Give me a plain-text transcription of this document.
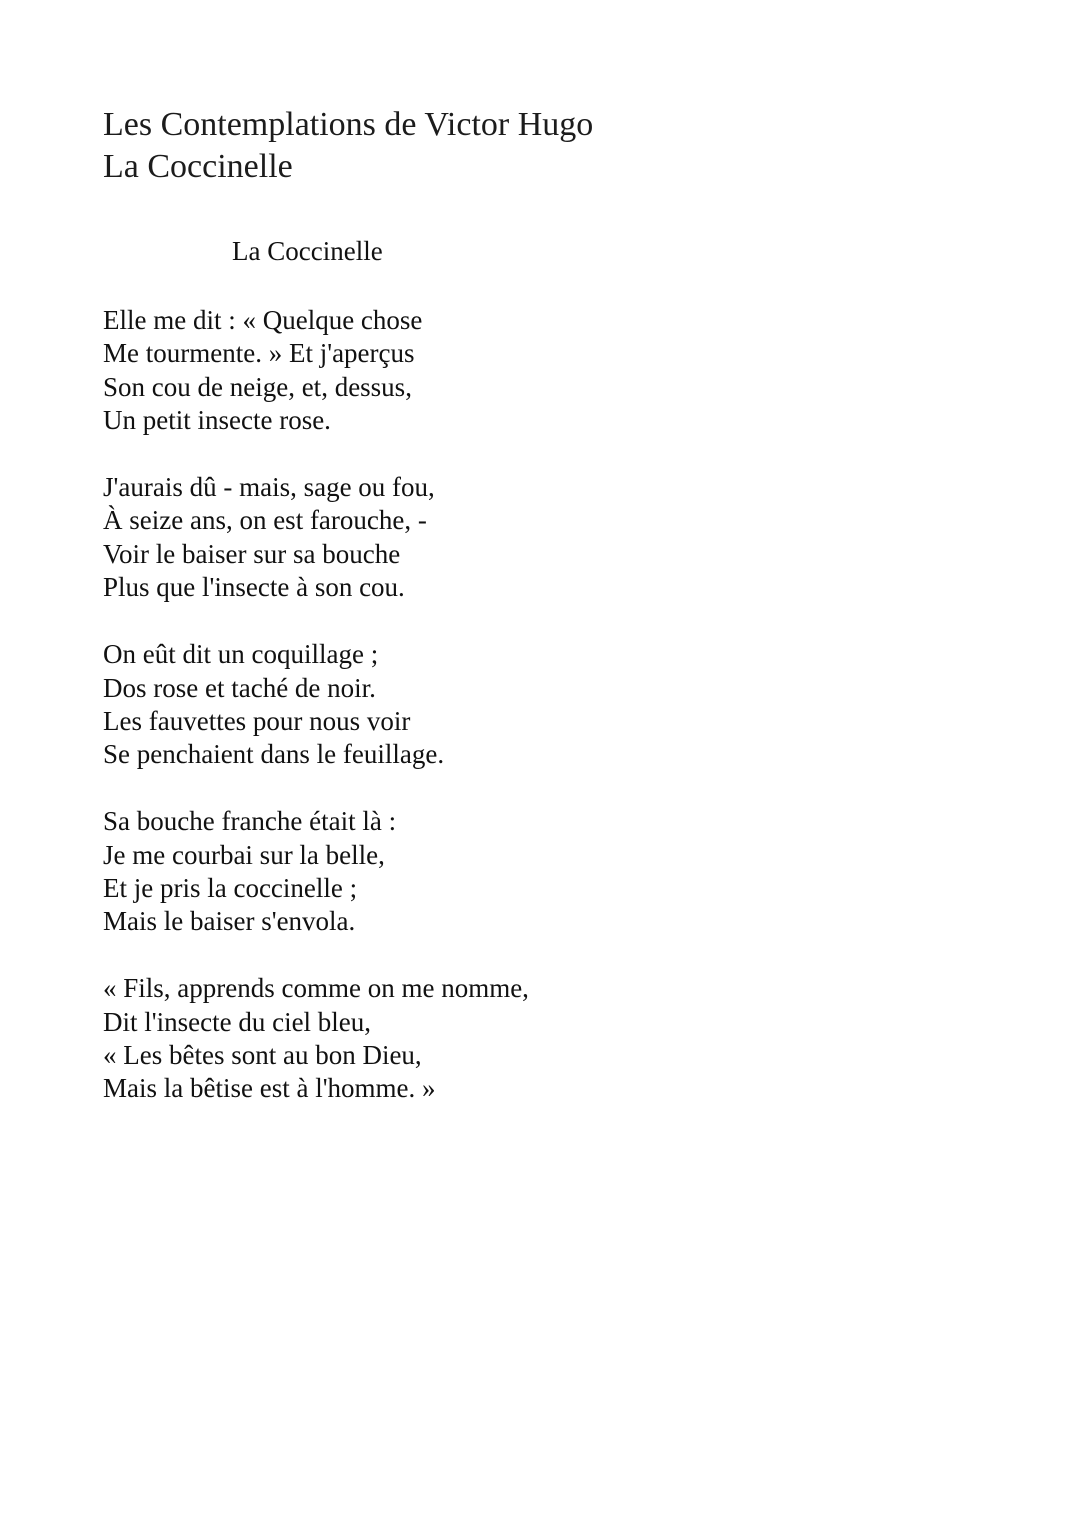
Les Contemplations de Victor Hugo
La Coccinelle
La Coccinelle
Elle me dit : « Quelque chose
Me tourmente. » Et j'aperçus
Son cou de neige, et, dessus,
Un petit insecte rose.
J'aurais dû - mais, sage ou fou,
À seize ans, on est farouche, -
Voir le baiser sur sa bouche
Plus que l'insecte à son cou.
On eût dit un coquillage ;
Dos rose et taché de noir.
Les fauvettes pour nous voir
Se penchaient dans le feuillage.
Sa bouche franche était là :
Je me courbai sur la belle,
Et je pris la coccinelle ;
Mais le baiser s'envola.
« Fils, apprends comme on me nomme,
Dit l'insecte du ciel bleu,
« Les bêtes sont au bon Dieu,
Mais la bêtise est à l'homme. »
